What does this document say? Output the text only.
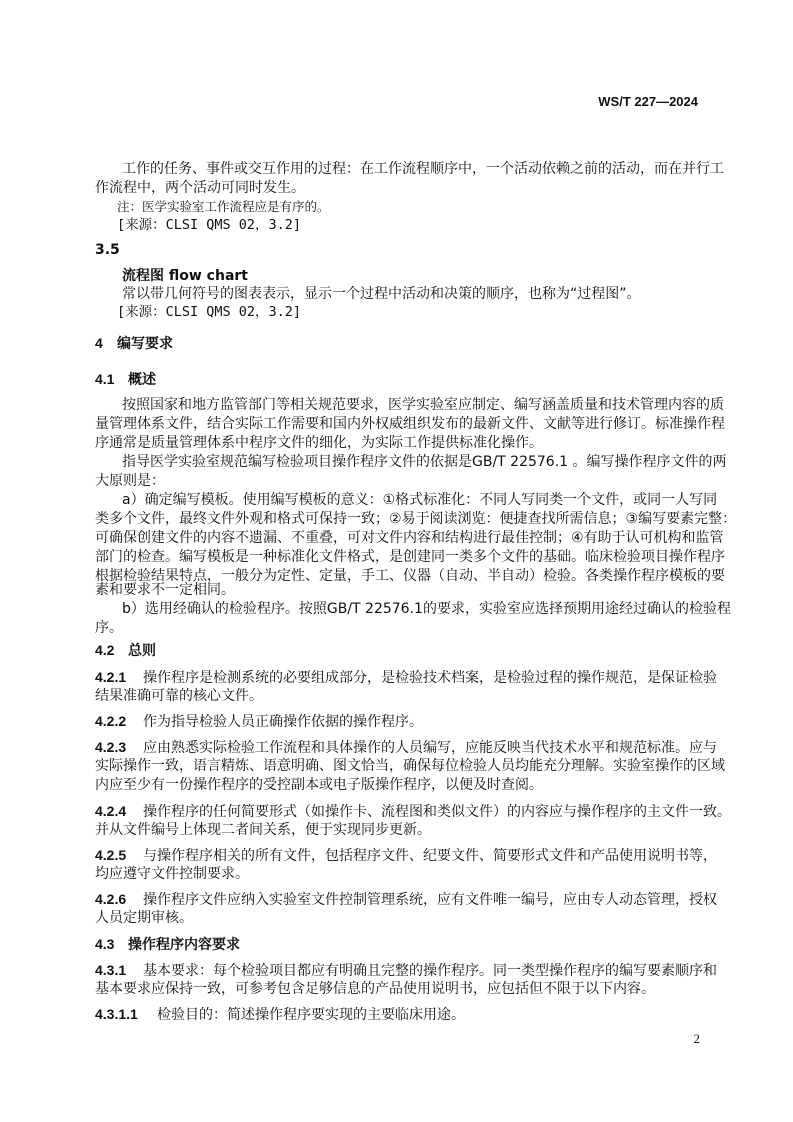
WS/T 227—2024
工作的任务、事件或交互作用的过程：在工作流程顺序中，一个活动依赖之前的活动，而在并行工
作流程中，两个活动可同时发生。
注：医学实验室工作流程应是有序的。
[来源：CLSI QMS 02，3.2]
3.5
流程图 flow chart
常以带几何符号的图表表示，显示一个过程中活动和决策的顺序，也称为“过程图”。
[来源：CLSI QMS 02，3.2]
4 编写要求
4.1 概述
按照国家和地方监管部门等相关规范要求，医学实验室应制定、编写涵盖质量和技术管理内容的质
量管理体系文件，结合实际工作需要和国内外权威组织发布的最新文件、文献等进行修订。标准操作程
序通常是质量管理体系中程序文件的细化，为实际工作提供标准化操作。
指导医学实验室规范编写检验项目操作程序文件的依据是GB/T 22576.1 。编写操作程序文件的两
大原则是：
a）确定编写模板。使用编写模板的意义：①格式标准化：不同人写同类一个文件，或同一人写同
类多个文件，最终文件外观和格式可保持一致；②易于阅读浏览：便捷查找所需信息；③编写要素完整：
可确保创建文件的内容不遗漏、不重叠，可对文件内容和结构进行最佳控制；④有助于认可机构和监管
部门的检查。编写模板是一种标准化文件格式，是创建同一类多个文件的基础。临床检验项目操作程序
根据检验结果特点，一般分为定性、定量，手工、仪器（自动、半自动）检验。各类操作程序模板的要
素和要求不一定相同。
b）选用经确认的检验程序。按照GB/T 22576.1的要求，实验室应选择预期用途经过确认的检验程
序。
4.2 总则
4.2.1 操作程序是检测系统的必要组成部分，是检验技术档案，是检验过程的操作规范，是保证检验
结果准确可靠的核心文件。
4.2.2 作为指导检验人员正确操作依据的操作程序。
4.2.3 应由熟悉实际检验工作流程和具体操作的人员编写，应能反映当代技术水平和规范标准。应与
实际操作一致，语言精炼、语意明确、图文恰当，确保每位检验人员均能充分理解。实验室操作的区域
内应至少有一份操作程序的受控副本或电子版操作程序，以便及时查阅。
4.2.4 操作程序的任何简要形式（如操作卡、流程图和类似文件）的内容应与操作程序的主文件一致。
并从文件编号上体现二者间关系，便于实现同步更新。
4.2.5 与操作程序相关的所有文件，包括程序文件、纪要文件、简要形式文件和产品使用说明书等，
均应遵守文件控制要求。
4.2.6 操作程序文件应纳入实验室文件控制管理系统，应有文件唯一编号，应由专人动态管理，授权
人员定期审核。
4.3 操作程序内容要求
4.3.1 基本要求：每个检验项目都应有明确且完整的操作程序。同一类型操作程序的编写要素顺序和
基本要求应保持一致，可参考包含足够信息的产品使用说明书，应包括但不限于以下内容。
4.3.1.1 检验目的：简述操作程序要实现的主要临床用途。
2
